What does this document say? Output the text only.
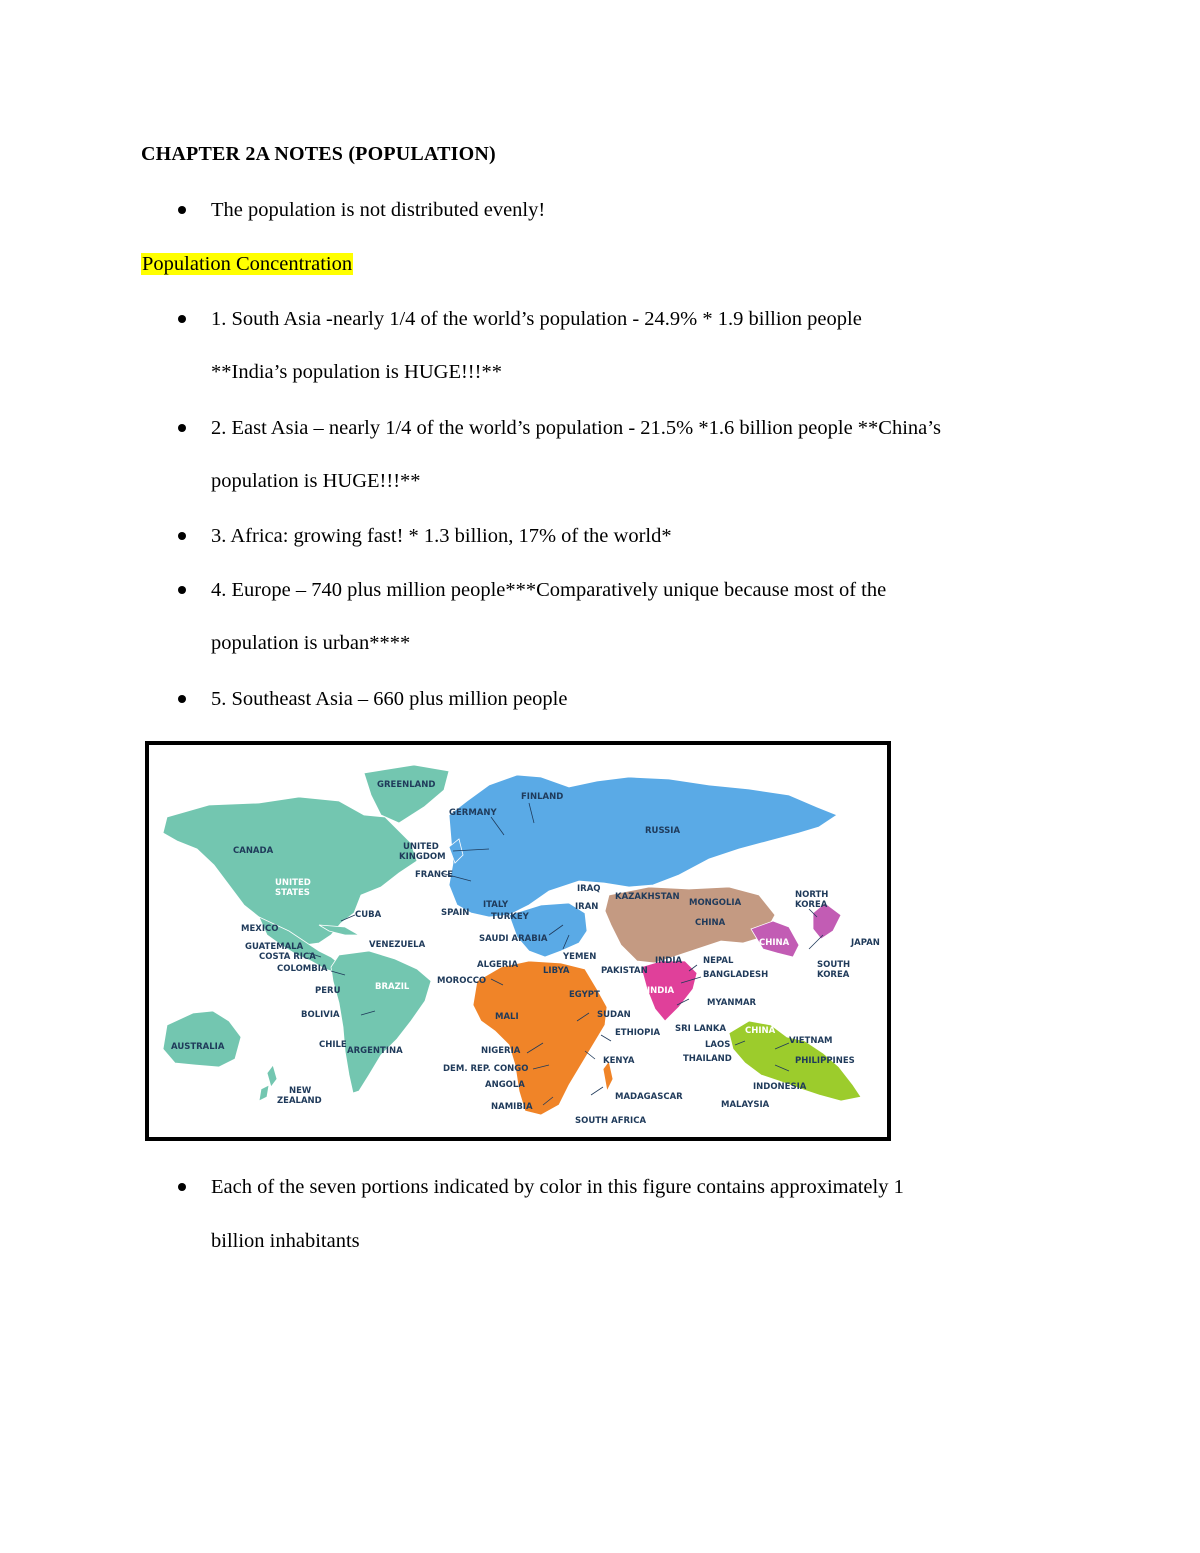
CHAPTER 2A NOTES (POPULATION)
The population is not distributed evenly!
Population Concentration
1. South Asia -nearly 1/4 of the world’s population - 24.9% * 1.9 billion people
**India’s population is HUGE!!!**
2. East Asia – nearly 1/4 of the world’s population - 21.5% *1.6 billion people **China’s
population is HUGE!!!**
3. Africa: growing fast! * 1.3 billion, 17% of the world*
4. Europe – 740 plus million people***Comparatively unique because most of the
population is urban****
5. Southeast Asia – 660 plus million people
GREENLAND
CANADA
UNITED
STATES
MEXICO
CUBA
GUATEMALA
COSTA RICA
COLOMBIA
VENEZUELA
PERU	BRAZIL
BOLIVIA
CHILE
ARGENTINA
AUSTRALIA
NEW
ZEALAND
FINLAND
GERMANY
RUSSIA
UNITED
KINGDOM
FRANCE
SPAIN
ITALY
TURKEY
IRAQ
IRAN
SAUDI ARABIA
YEMEN
KAZAKHSTAN
MONGOLIA
CHINA
CHINA
NORTH
KOREA
JAPAN
SOUTH
KOREA
PAKISTAN
INDIA NEPAL
BANGLADESH
INDIA
MYANMAR
SRI LANKA
ALGERIA
MOROCCO
LIBYA
EGYPT
MALI	SUDAN
ETHIOPIA
NIGERIA
KENYA
DEM. REP. CONGO
ANGOLA
NAMIBIA
MADAGASCAR
SOUTH AFRICA
CHINA
VIETNAM
LAOS
THAILAND	PHILIPPINES
INDONESIA
MALAYSIA
Each of the seven portions indicated by color in this figure contains approximately 1
billion inhabitants
